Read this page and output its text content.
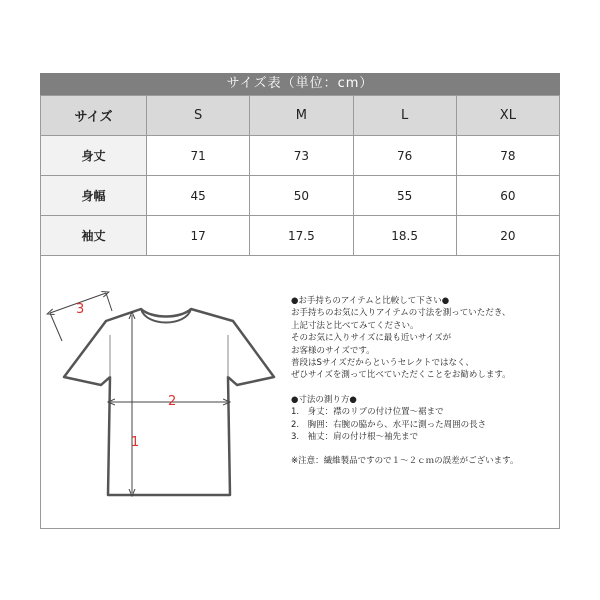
サイズ表（単位：cm）
サイズ	S	M	L	XL
身丈	71	73	76	78
身幅	45	50	55	60
袖丈	17	17.5	18.5	20
3
2
1
●お手持ちのアイテムと比較して下さい●
お手持ちのお気に入りアイテムの寸法を測っていただき、
上記寸法と比べてみてください。
そのお気に入りサイズに最も近いサイズが
お客様のサイズです。
普段はSサイズだからというセレクトではなく、
ぜひサイズを測って比べていただくことをお勧めします。
●寸法の測り方●
1.　身丈：襟のリブの付け位置～裾まで
2.　胸囲：右腕の脇から、水平に測った周囲の長さ
3.　袖丈：肩の付け根～袖先まで
※注意：繊維製品ですので１～２ｃｍの誤差がございます。
